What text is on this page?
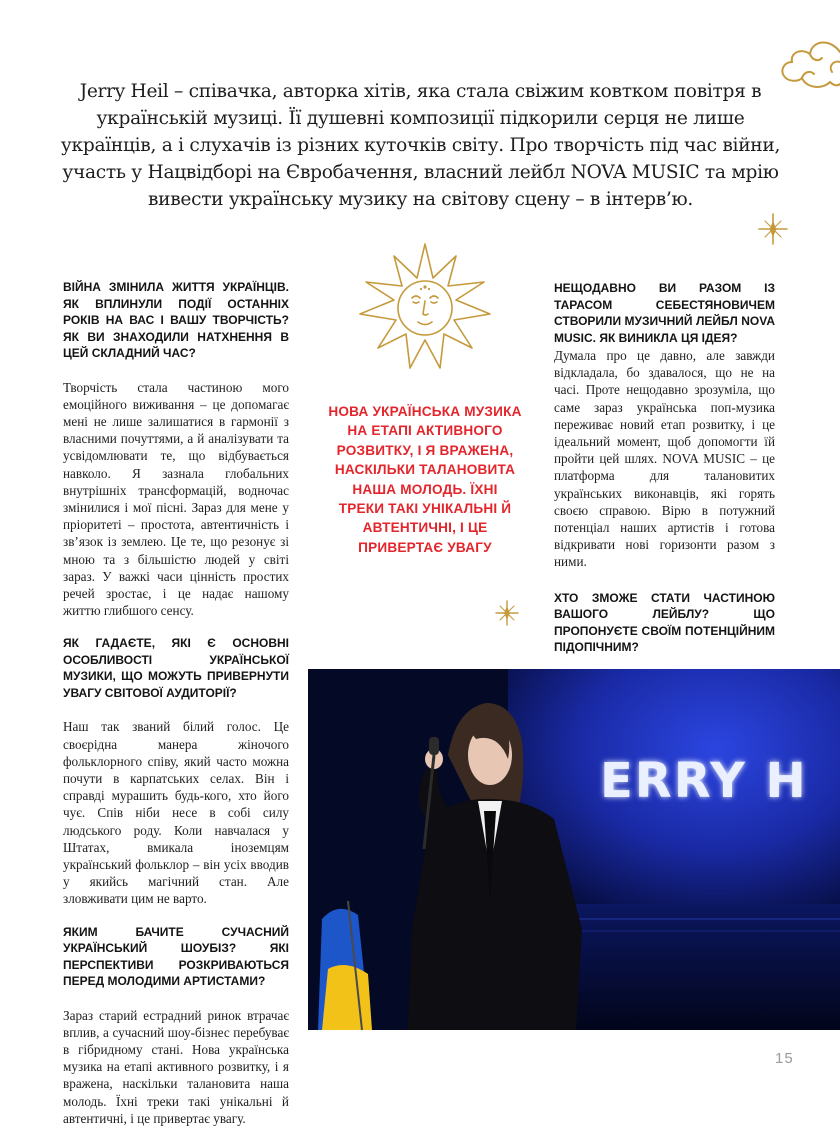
Jerry Heil – співачка, авторка хітів, яка стала свіжим ковтком повітря в українській музиці. Її душевні композиції підкорили серця не лише українців, а і слухачів із різних куточків світу. Про творчість під час війни, участь у Нацвідборі на Євробачення, власний лейбл NOVA MUSIC та мрію вивести українську музику на світову сцену – в інтерв’ю.
ВІЙНА ЗМІНИЛА ЖИТТЯ УКРАЇНЦІВ. ЯК ВПЛИНУЛИ ПОДІЇ ОСТАННІХ РОКІВ НА ВАС І ВАШУ ТВОРЧІСТЬ? ЯК ВИ ЗНАХОДИЛИ НАТХНЕННЯ В ЦЕЙ СКЛАДНИЙ ЧАС?

Творчість стала частиною мого емоційного виживання – це допомагає мені не лише залишатися в гармонії з власними почуттями, а й аналізувати та усвідомлювати те, що відбувається навколо. Я зазнала глобальних внутрішніх трансформацій, водночас змінилися і мої пісні. Зараз для мене у пріоритеті – простота, автентичність і зв’язок із землею. Це те, що резонує зі мною та з більшістю людей у світі зараз. У важкі часи цінність простих речей зростає, і це надає нашому життю глибшого сенсу.

ЯК ГАДАЄТЕ, ЯКІ Є ОСНОВНІ ОСОБЛИВОСТІ УКРАЇНСЬКОЇ МУЗИКИ, ЩО МОЖУТЬ ПРИВЕРНУТИ УВАГУ СВІТОВОЇ АУДИТОРІЇ?

Наш так званий білий голос. Це своєрідна манера жіночого фольклорного співу, який часто можна почути в карпатських селах. Він і справді мурашить будь-кого, хто його чує. Спів ніби несе в собі силу людського роду. Коли навчалася у Штатах, вмикала іноземцям український фольклор – він усіх вводив у якийсь магічний стан. Але зловживати цим не варто.

ЯКИМ БАЧИТЕ СУЧАСНИЙ УКРАЇНСЬКИЙ ШОУБІЗ? ЯКІ ПЕРСПЕКТИВИ РОЗКРИВАЮТЬСЯ ПЕРЕД МОЛОДИМИ АРТИСТАМИ?

Зараз старий естрадний ринок втрачає вплив, а сучасний шоу-бізнес перебуває в гібридному стані. Нова українська музика на етапі активного розвитку, і я вражена, наскільки талановита наша молодь. Їхні треки такі унікальні й автентичні, і це привертає увагу.

НОВА УКРАЇНСЬКА МУЗИКА НА ЕТАПІ АКТИВНОГО РОЗВИТКУ, І Я ВРАЖЕНА, НАСКІЛЬКИ ТАЛАНОВИТА НАША МОЛОДЬ. ЇХНІ ТРЕКИ ТАКІ УНІКАЛЬНІ Й АВТЕНТИЧНІ, І ЦЕ ПРИВЕРТАЄ УВАГУ
НЕЩОДАВНО ВИ РАЗОМ ІЗ ТАРАСОМ СЕБЕСТЯНОВИЧЕМ СТВОРИЛИ МУЗИЧНИЙ ЛЕЙБЛ NOVA MUSIC. ЯК ВИНИКЛА ЦЯ ІДЕЯ?

Думала про це давно, але завжди відкладала, бо здавалося, що не на часі. Проте нещодавно зрозуміла, що саме зараз українська поп-музика переживає новий етап розвитку, і це ідеальний момент, щоб допомогти їй пройти цей шлях. NOVA MUSIC – це платформа для талановитих українських виконавців, які горять своєю справою. Вірю в потужний потенціал наших артистів і готова відкривати нові горизонти разом з ними.

ХТО ЗМОЖЕ СТАТИ ЧАСТИНОЮ ВАШОГО ЛЕЙБЛУ? ЩО ПРОПОНУЄТЕ СВОЇМ ПОТЕНЦІЙНИМ ПІДОПІЧНИМ?

ERRY H
15
